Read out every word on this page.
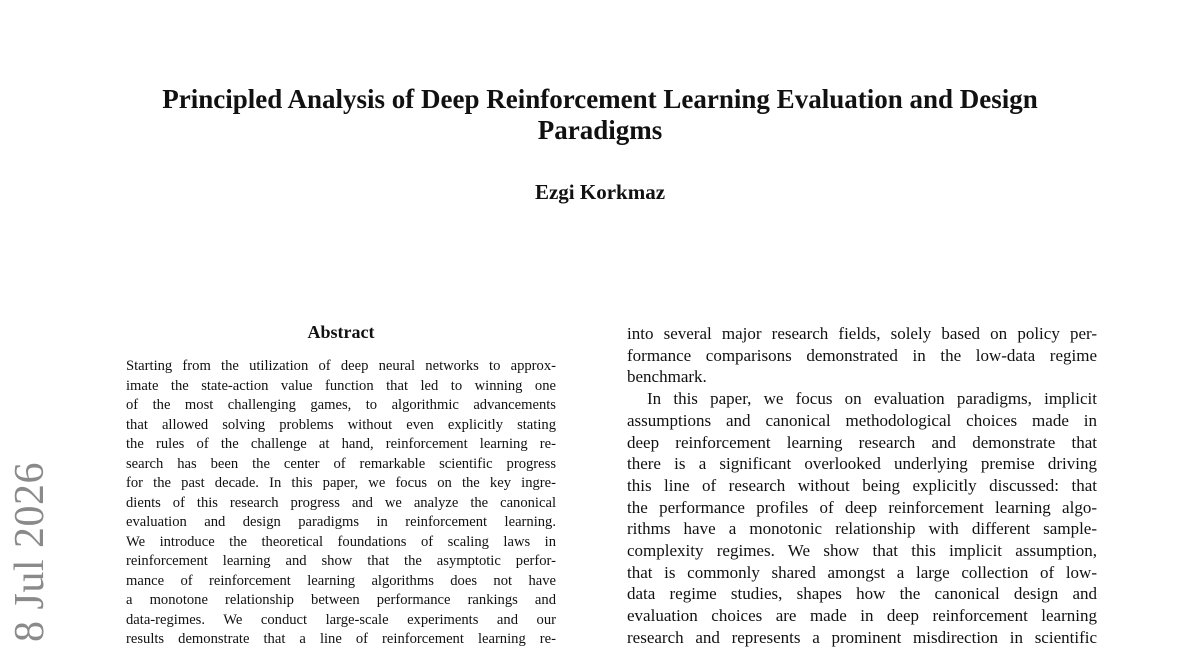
Principled Analysis of Deep Reinforcement Learning Evaluation and Design
Paradigms
Ezgi Korkmaz
8 Jul 2026
Abstract
Starting from the utilization of deep neural networks to approx-
imate the state-action value function that led to winning one
of the most challenging games, to algorithmic advancements
that allowed solving problems without even explicitly stating
the rules of the challenge at hand, reinforcement learning re-
search has been the center of remarkable scientific progress
for the past decade. In this paper, we focus on the key ingre-
dients of this research progress and we analyze the canonical
evaluation and design paradigms in reinforcement learning.
We introduce the theoretical foundations of scaling laws in
reinforcement learning and show that the asymptotic perfor-
mance of reinforcement learning algorithms does not have
a monotone relationship between performance rankings and
data-regimes. We conduct large-scale experiments and our
results demonstrate that a line of reinforcement learning re-
into several major research fields, solely based on policy per-
formance comparisons demonstrated in the low-data regime
benchmark.
In this paper, we focus on evaluation paradigms, implicit
assumptions and canonical methodological choices made in
deep reinforcement learning research and demonstrate that
there is a significant overlooked underlying premise driving
this line of research without being explicitly discussed: that
the performance profiles of deep reinforcement learning algo-
rithms have a monotonic relationship with different sample-
complexity regimes. We show that this implicit assumption,
that is commonly shared amongst a large collection of low-
data regime studies, shapes how the canonical design and
evaluation choices are made in deep reinforcement learning
research and represents a prominent misdirection in scientific
